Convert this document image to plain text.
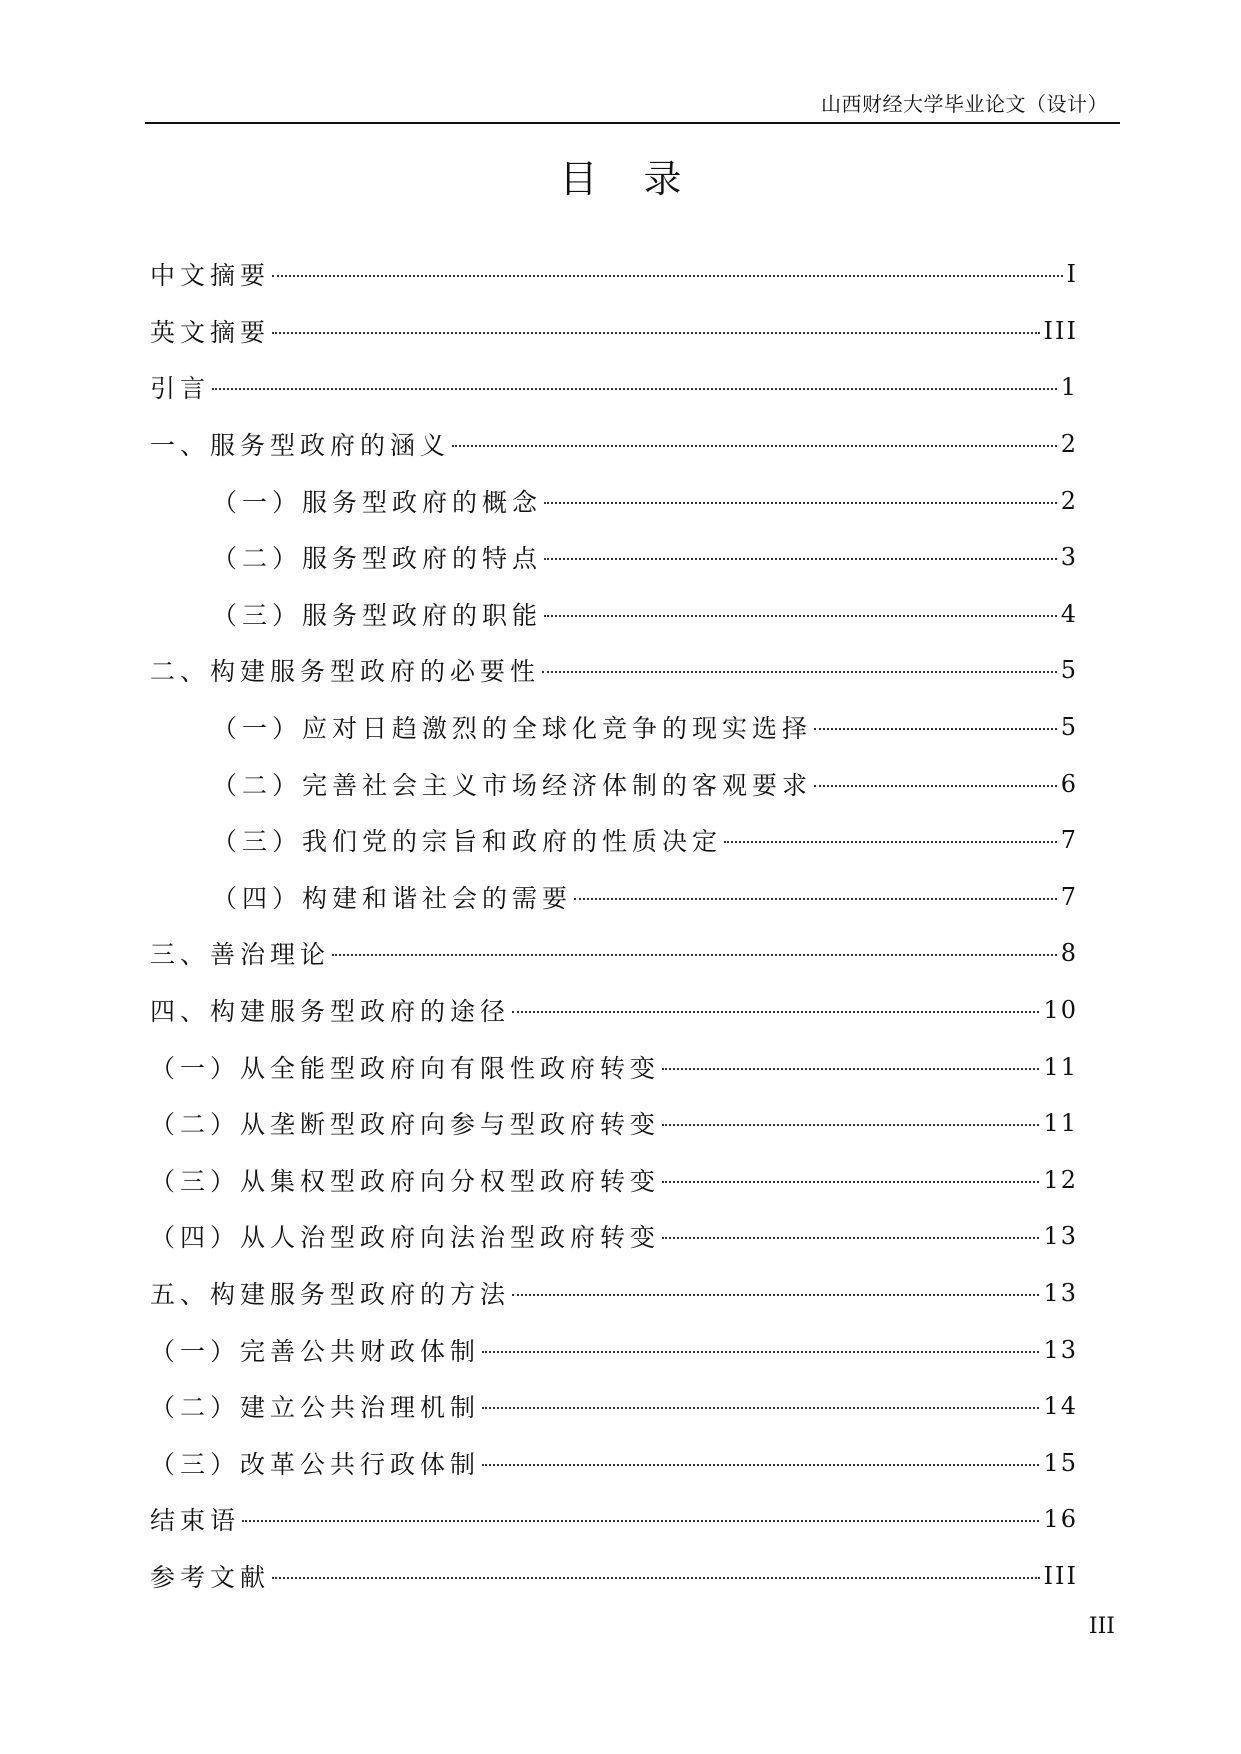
山西财经大学毕业论文（设计）
目录
中文摘要	I
英文摘要	III
引言	1
一、服务型政府的涵义	2
（一）服务型政府的概念	2
（二）服务型政府的特点	3
（三）服务型政府的职能	4
二、构建服务型政府的必要性	5
（一）应对日趋激烈的全球化竞争的现实选择	5
（二）完善社会主义市场经济体制的客观要求	6
（三）我们党的宗旨和政府的性质决定	7
（四）构建和谐社会的需要	7
三、善治理论	8
四、构建服务型政府的途径	10
（一）从全能型政府向有限性政府转变	11
（二）从垄断型政府向参与型政府转变	11
（三）从集权型政府向分权型政府转变	12
（四）从人治型政府向法治型政府转变	13
五、构建服务型政府的方法	13
（一）完善公共财政体制	13
（二）建立公共治理机制	14
（三）改革公共行政体制	15
结束语	16
参考文献	III
III
